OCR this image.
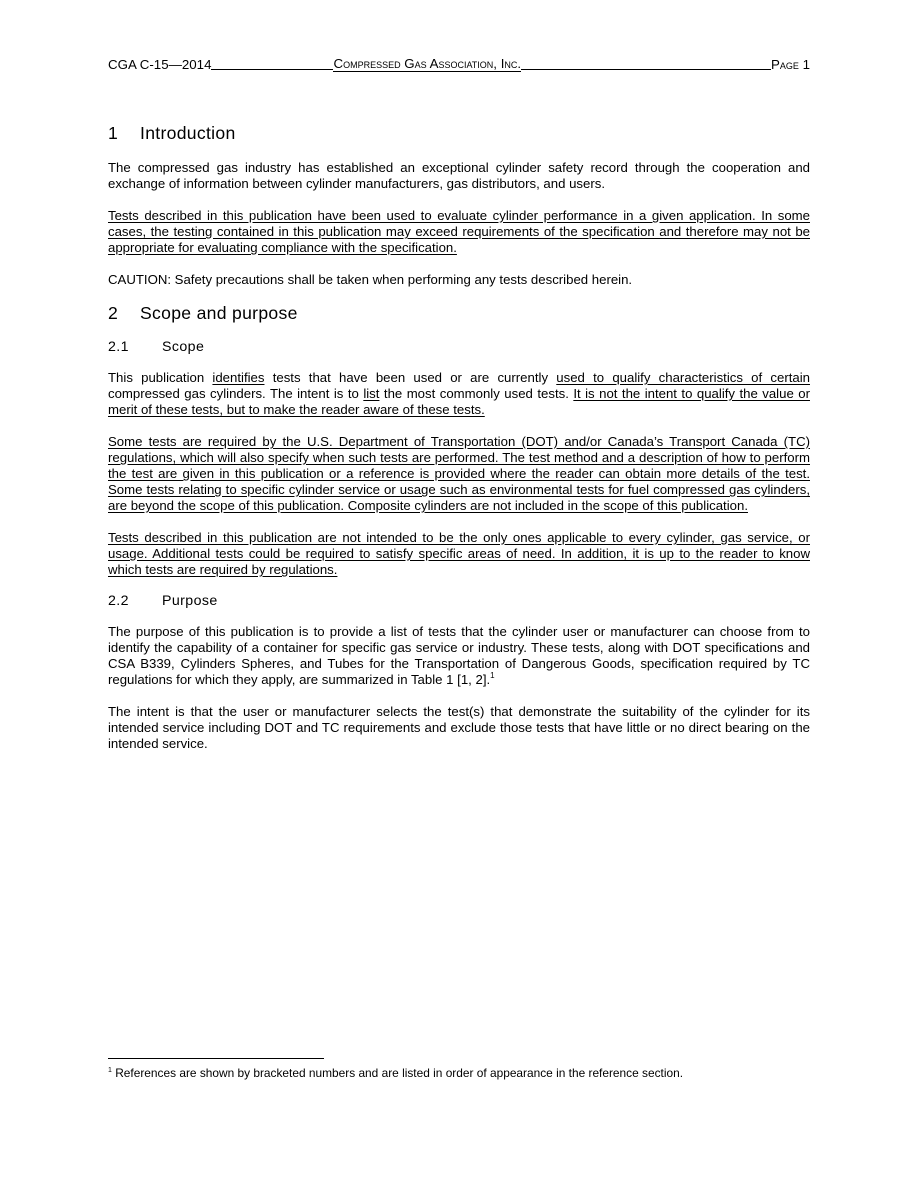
CGA C-15—2014	Compressed Gas Association, Inc.	Page 1
1 Introduction

The compressed gas industry has established an exceptional cylinder safety record through the cooperation and exchange of information between cylinder manufacturers, gas distributors, and users.

Tests described in this publication have been used to evaluate cylinder performance in a given application. In some cases, the testing contained in this publication may exceed requirements of the specification and therefore may not be appropriate for evaluating compliance with the specification.

CAUTION: Safety precautions shall be taken when performing any tests described herein.

2 Scope and purpose
2.1 Scope

This publication identifies tests that have been used or are currently used to qualify characteristics of certain compressed gas cylinders. The intent is to list the most commonly used tests. It is not the intent to qualify the value or merit of these tests, but to make the reader aware of these tests.

Some tests are required by the U.S. Department of Transportation (DOT) and/or Canada’s Transport Canada (TC) regulations, which will also specify when such tests are performed. The test method and a description of how to perform the test are given in this publication or a reference is provided where the reader can obtain more details of the test. Some tests relating to specific cylinder service or usage such as environmental tests for fuel compressed gas cylinders, are beyond the scope of this publication. Composite cylinders are not included in the scope of this publication.

Tests described in this publication are not intended to be the only ones applicable to every cylinder, gas service, or usage. Additional tests could be required to satisfy specific areas of need. In addition, it is up to the reader to know which tests are required by regulations.

2.2 Purpose

The purpose of this publication is to provide a list of tests that the cylinder user or manufacturer can choose from to identify the capability of a container for specific gas service or industry. These tests, along with DOT specifications and CSA B339, Cylinders Spheres, and Tubes for the Transportation of Dangerous Goods, specification required by TC regulations for which they apply, are summarized in Table 1 [1, 2].$^1$

The intent is that the user or manufacturer selects the test(s) that demonstrate the suitability of the cylinder for its intended service including DOT and TC requirements and exclude those tests that have little or no direct bearing on the intended service.

$^1$ References are shown by bracketed numbers and are listed in order of appearance in the reference section.
